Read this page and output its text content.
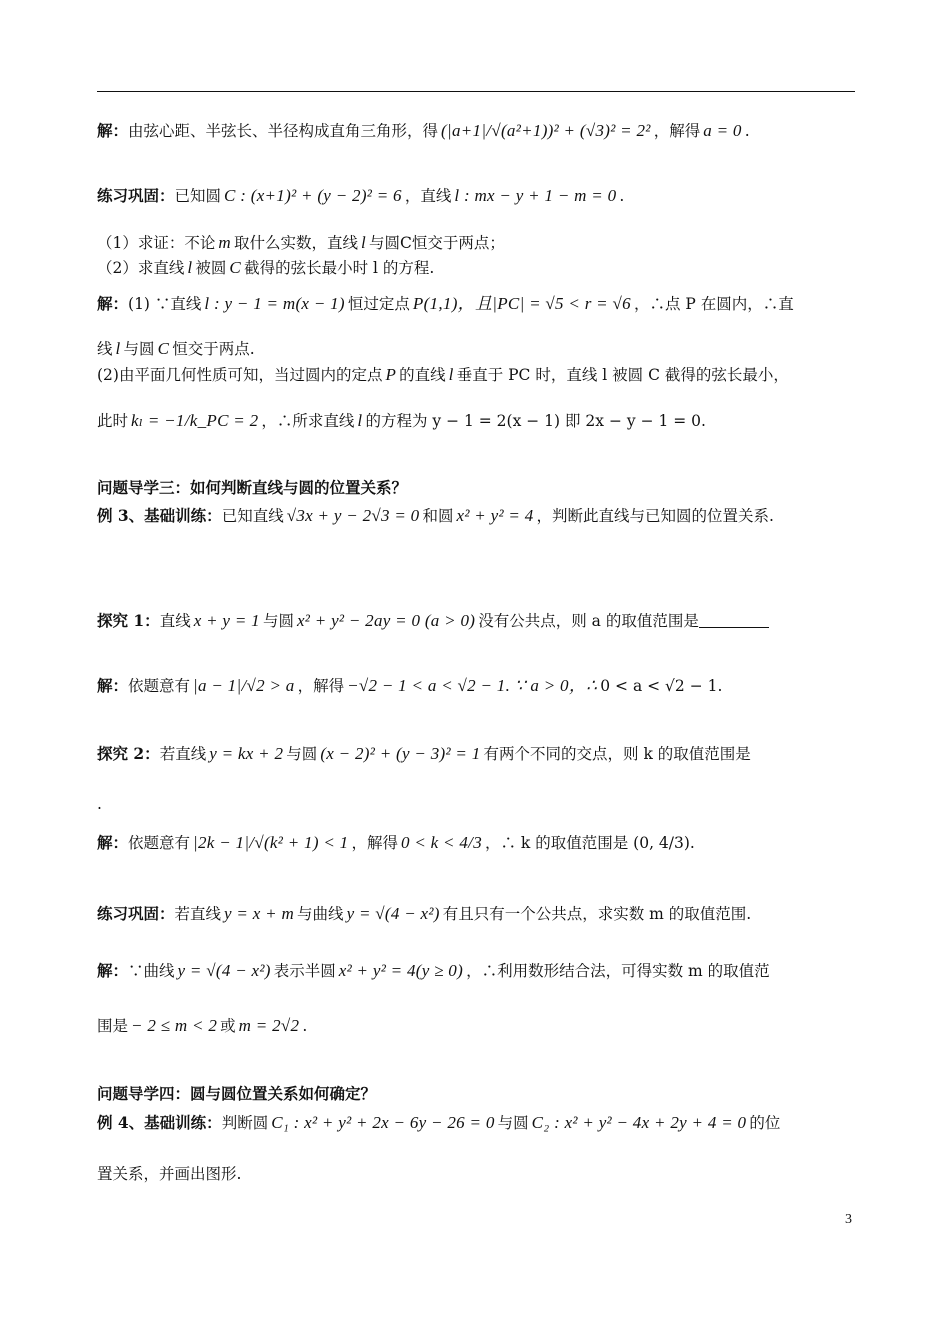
解：由弦心距、半弦长、半径构成直角三角形，得 (|a+1|/√(a²+1))² + (√3)² = 2² ，解得 a = 0 .
练习巩固：已知圆 C : (x+1)² + (y − 2)² = 6 ，直线 l : mx − y + 1 − m = 0 .
（1）求证：不论 m 取什么实数，直线 l 与圆C恒交于两点；
（2）求直线 l 被圆 C 截得的弦长最小时 l 的方程.
解：(1) ∵直线 l : y − 1 = m(x − 1) 恒过定点 P(1,1)，且|PC| = √5 < r = √6 ，∴点 P 在圆内，∴直
线 l 与圆 C 恒交于两点.
(2)由平面几何性质可知，当过圆内的定点 P 的直线 l 垂直于 PC 时，直线 l 被圆 C 截得的弦长最小，
此时 kₗ = −1/k_PC = 2 ，∴所求直线 l 的方程为 y − 1 = 2(x − 1) 即 2x − y − 1 = 0.
问题导学三：如何判断直线与圆的位置关系？
例 3、基础训练：已知直线 √3x + y − 2√3 = 0 和圆 x² + y² = 4 ，判断此直线与已知圆的位置关系.
探究 1：直线 x + y = 1 与圆 x² + y² − 2ay = 0 (a > 0) 没有公共点，则 a 的取值范围是
解：依题意有 |a − 1|/√2 > a ，解得 −√2 − 1 < a < √2 − 1. ∵ a > 0，∴ 0 < a < √2 − 1.
探究 2：若直线 y = kx + 2 与圆 (x − 2)² + (y − 3)² = 1 有两个不同的交点，则 k 的取值范围是
.
解：依题意有 |2k − 1|/√(k² + 1) < 1 ，解得 0 < k < 4/3 ，∴ k 的取值范围是 (0, 4/3).
练习巩固：若直线 y = x + m 与曲线 y = √(4 − x²) 有且只有一个公共点，求实数 m 的取值范围.
解：∵曲线 y = √(4 − x²) 表示半圆 x² + y² = 4(y ≥ 0) ，∴利用数形结合法，可得实数 m 的取值范
围是 − 2 ≤ m < 2 或 m = 2√2 .
问题导学四：圆与圆位置关系如何确定？
例 4、基础训练：判断圆 C₁ : x² + y² + 2x − 6y − 26 = 0 与圆 C₂ : x² + y² − 4x + 2y + 4 = 0 的位
置关系，并画出图形.
3
